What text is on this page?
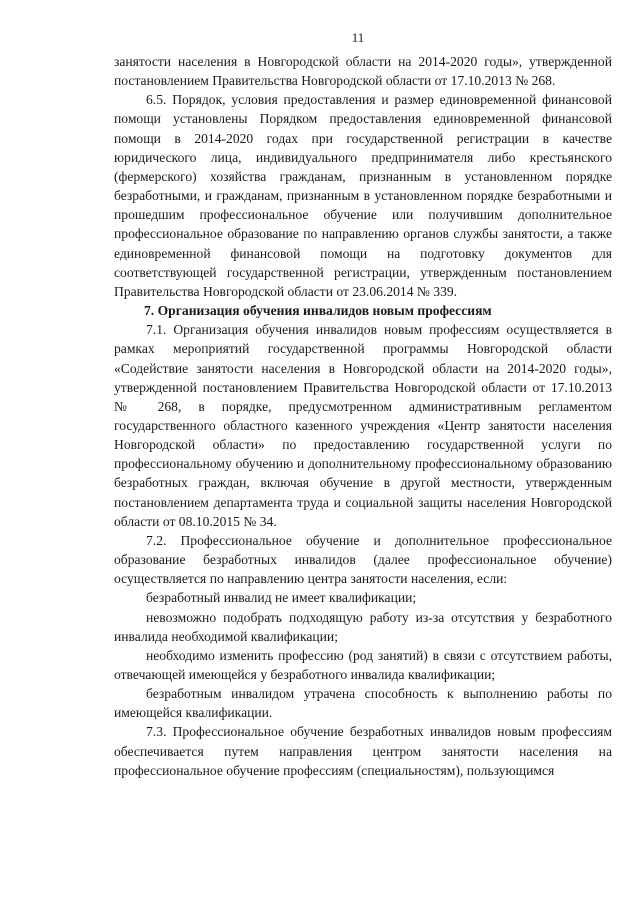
11

занятости населения в Новгородской области на 2014-2020 годы», утвержденной постановлением Правительства Новгородской области от 17.10.2013 № 268.

6.5. Порядок, условия предоставления и размер единовременной финансовой помощи установлены Порядком предоставления единовременной финансовой помощи в 2014-2020 годах при государственной регистрации в качестве юридического лица, индивидуального предпринимателя либо крестьянского (фермерского) хозяйства гражданам, признанным в установленном порядке безработными, и гражданам, признанным в установленном порядке безработными и прошедшим профессиональное обучение или получившим дополнительное профессиональное образование по направлению органов службы занятости, а также единовременной финансовой помощи на подготовку документов для соответствующей государственной регистрации, утвержденным постановлением Правительства Новгородской области от 23.06.2014 № 339.

7. Организация обучения инвалидов новым профессиям

7.1. Организация обучения инвалидов новым профессиям осуществляется в рамках мероприятий государственной программы Новгородской области «Содействие занятости населения в Новгородской области на 2014-2020 годы», утвержденной постановлением Правительства Новгородской области от 17.10.2013 № 268, в порядке, предусмотренном административным регламентом государственного областного казенного учреждения «Центр занятости населения Новгородской области» по предоставлению государственной услуги по профессиональному обучению и дополнительному профессиональному образованию безработных граждан, включая обучение в другой местности, утвержденным постановлением департамента труда и социальной защиты населения Новгородской области от 08.10.2015 № 34.

7.2. Профессиональное обучение и дополнительное профессиональное образование безработных инвалидов (далее профессиональное обучение) осуществляется по направлению центра занятости населения, если:

безработный инвалид не имеет квалификации;

невозможно подобрать подходящую работу из-за отсутствия у безработного инвалида необходимой квалификации;

необходимо изменить профессию (род занятий) в связи с отсутствием работы, отвечающей имеющейся у безработного инвалида квалификации;

безработным инвалидом утрачена способность к выполнению работы по имеющейся квалификации.

7.3. Профессиональное обучение безработных инвалидов новым профессиям обеспечивается путем направления центром занятости населения на профессиональное обучение профессиям (специальностям), пользующимся
